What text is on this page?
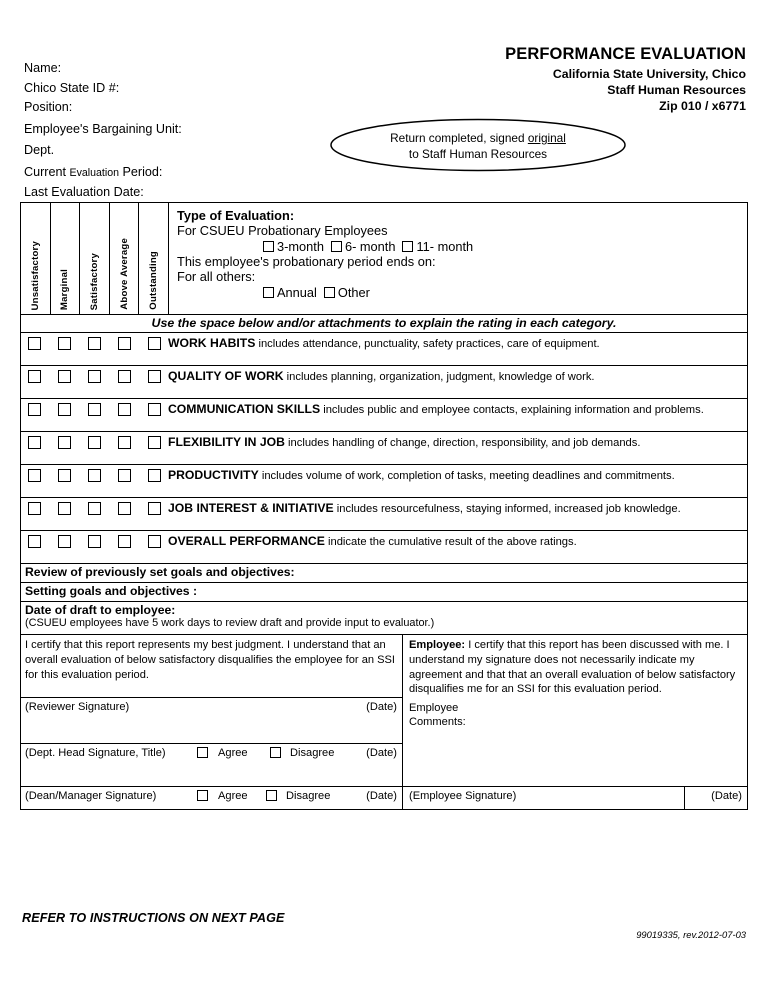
PERFORMANCE EVALUATION
California State University, Chico
Staff Human Resources
Zip 010 / x6771
Name:
Chico State ID #:
Position:
Employee's Bargaining Unit:
Dept.
Current Evaluation Period:
Last Evaluation Date:
Return completed, signed original
to Staff Human Resources
Unsatisfactory Marginal Satisfactory Above Average Outstanding
Type of Evaluation:
For CSUEU Probationary Employees
3-month 6- month 11- month
This employee's probationary period ends on:
For all others:
Annual Other
Use the space below and/or attachments to explain the rating in each category.
WORK HABITS includes attendance, punctuality, safety practices, care of equipment.
QUALITY OF WORK includes planning, organization, judgment, knowledge of work.
COMMUNICATION SKILLS includes public and employee contacts, explaining information and problems.
FLEXIBILITY IN JOB includes handling of change, direction, responsibility, and job demands.
PRODUCTIVITY includes volume of work, completion of tasks, meeting deadlines and commitments.
JOB INTEREST & INITIATIVE includes resourcefulness, staying informed, increased job knowledge.
OVERALL PERFORMANCE indicate the cumulative result of the above ratings.
Review of previously set goals and objectives:
Setting goals and objectives :
Date of draft to employee:
(CSUEU employees have 5 work days to review draft and provide input to evaluator.)
I certify that this report represents my best judgment. I understand that an overall evaluation of below satisfactory disqualifies the employee for an SSI for this evaluation period.
(Reviewer Signature)	(Date)
(Dept. Head Signature, Title)	Agree	Disagree	(Date)
(Dean/Manager Signature)	Agree	Disagree	(Date)
Employee: I certify that this report has been discussed with me. I understand my signature does not necessarily indicate my agreement and that that an overall evaluation of below satisfactory disqualifies me for an SSI for this evaluation period.
Employee
Comments:
(Employee Signature)	(Date)
REFER TO INSTRUCTIONS ON NEXT PAGE
99019335, rev.2012-07-03
